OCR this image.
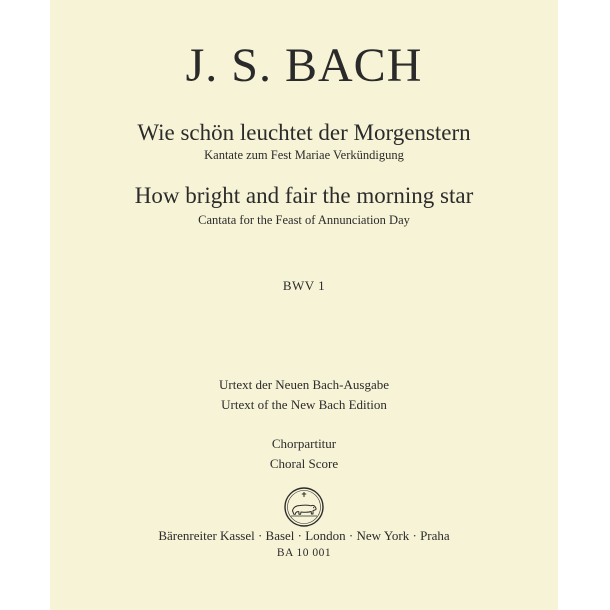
J. S. BACH
Wie schön leuchtet der Morgenstern
Kantate zum Fest Mariae Verkündigung
How bright and fair the morning star
Cantata for the Feast of Annunciation Day
BWV 1
Urtext der Neuen Bach-Ausgabe
Urtext of the New Bach Edition
Chorpartitur
Choral Score
Bärenreiter Kassel · Basel · London · New York · Praha
BA 10 001
